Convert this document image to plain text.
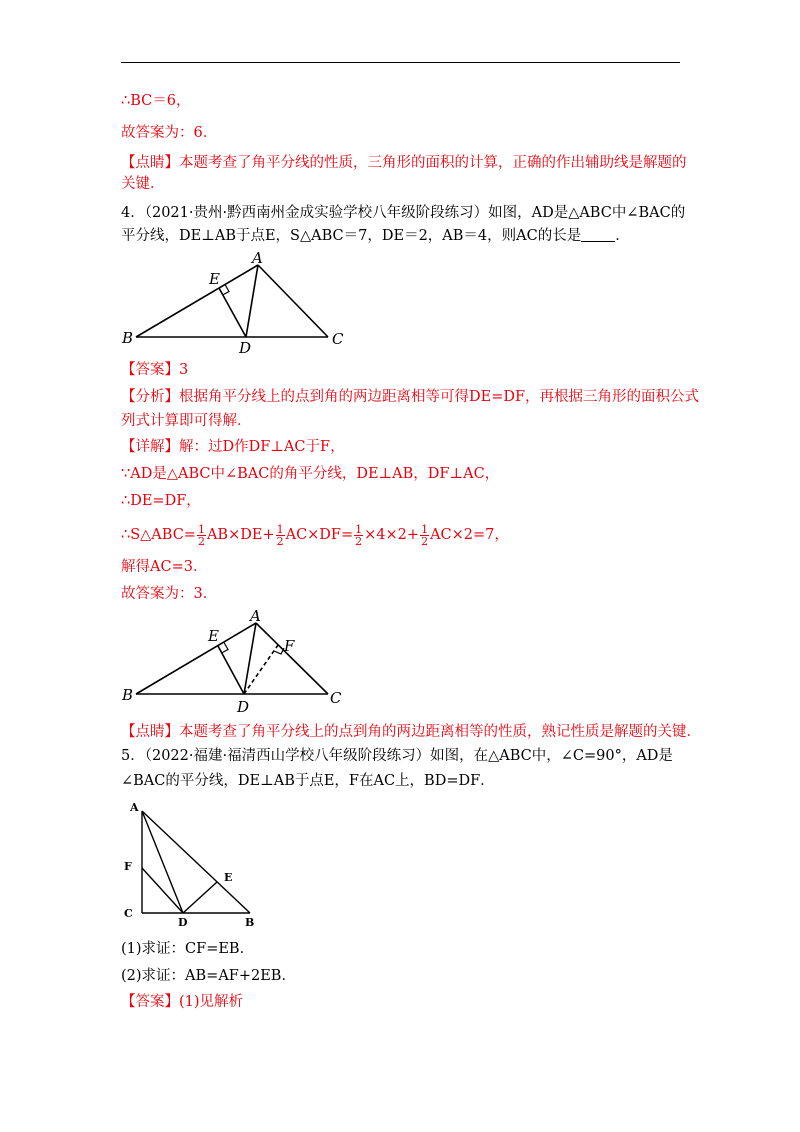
∴BC＝6，
故答案为：6．
【点睛】本题考查了角平分线的性质，三角形的面积的计算，正确的作出辅助线是解题的
关键．
4．（2021·贵州·黔西南州金成实验学校八年级阶段练习）如图，AD是△ABC中∠BAC的
平分线，DE⊥AB于点E，S△ABC＝7，DE＝2，AB＝4，则AC的长是 ．
A
E
B	C
D
【答案】3
【分析】根据角平分线上的点到角的两边距离相等可得DE=DF，再根据三角形的面积公式
列式计算即可得解．
【详解】解：过D作DF⊥AC于F，
∵AD是△ABC中∠BAC的角平分线，DE⊥AB，DF⊥AC，
∴DE=DF，
∴S△ABC= $\frac{1}{2} AB\times DE+ \frac{1}{2} AC\times DF= \frac{1}{2} \times 4\times 2+ \frac{1}{2} AC\times 2=7$，
解得AC=3．
故答案为：3．
A
E
F
B	C
D
【点睛】本题考查了角平分线上的点到角的两边距离相等的性质，熟记性质是解题的关键．
5．（2022·福建·福清西山学校八年级阶段练习）如图，在△ABC中，∠C=90°，AD是
∠BAC的平分线，DE⊥AB于点E，F在AC上，BD=DF．
A
F
C
D	B
E
(1)求证：CF=EB．
(2)求证：AB=AF+2EB．
【答案】(1)见解析
